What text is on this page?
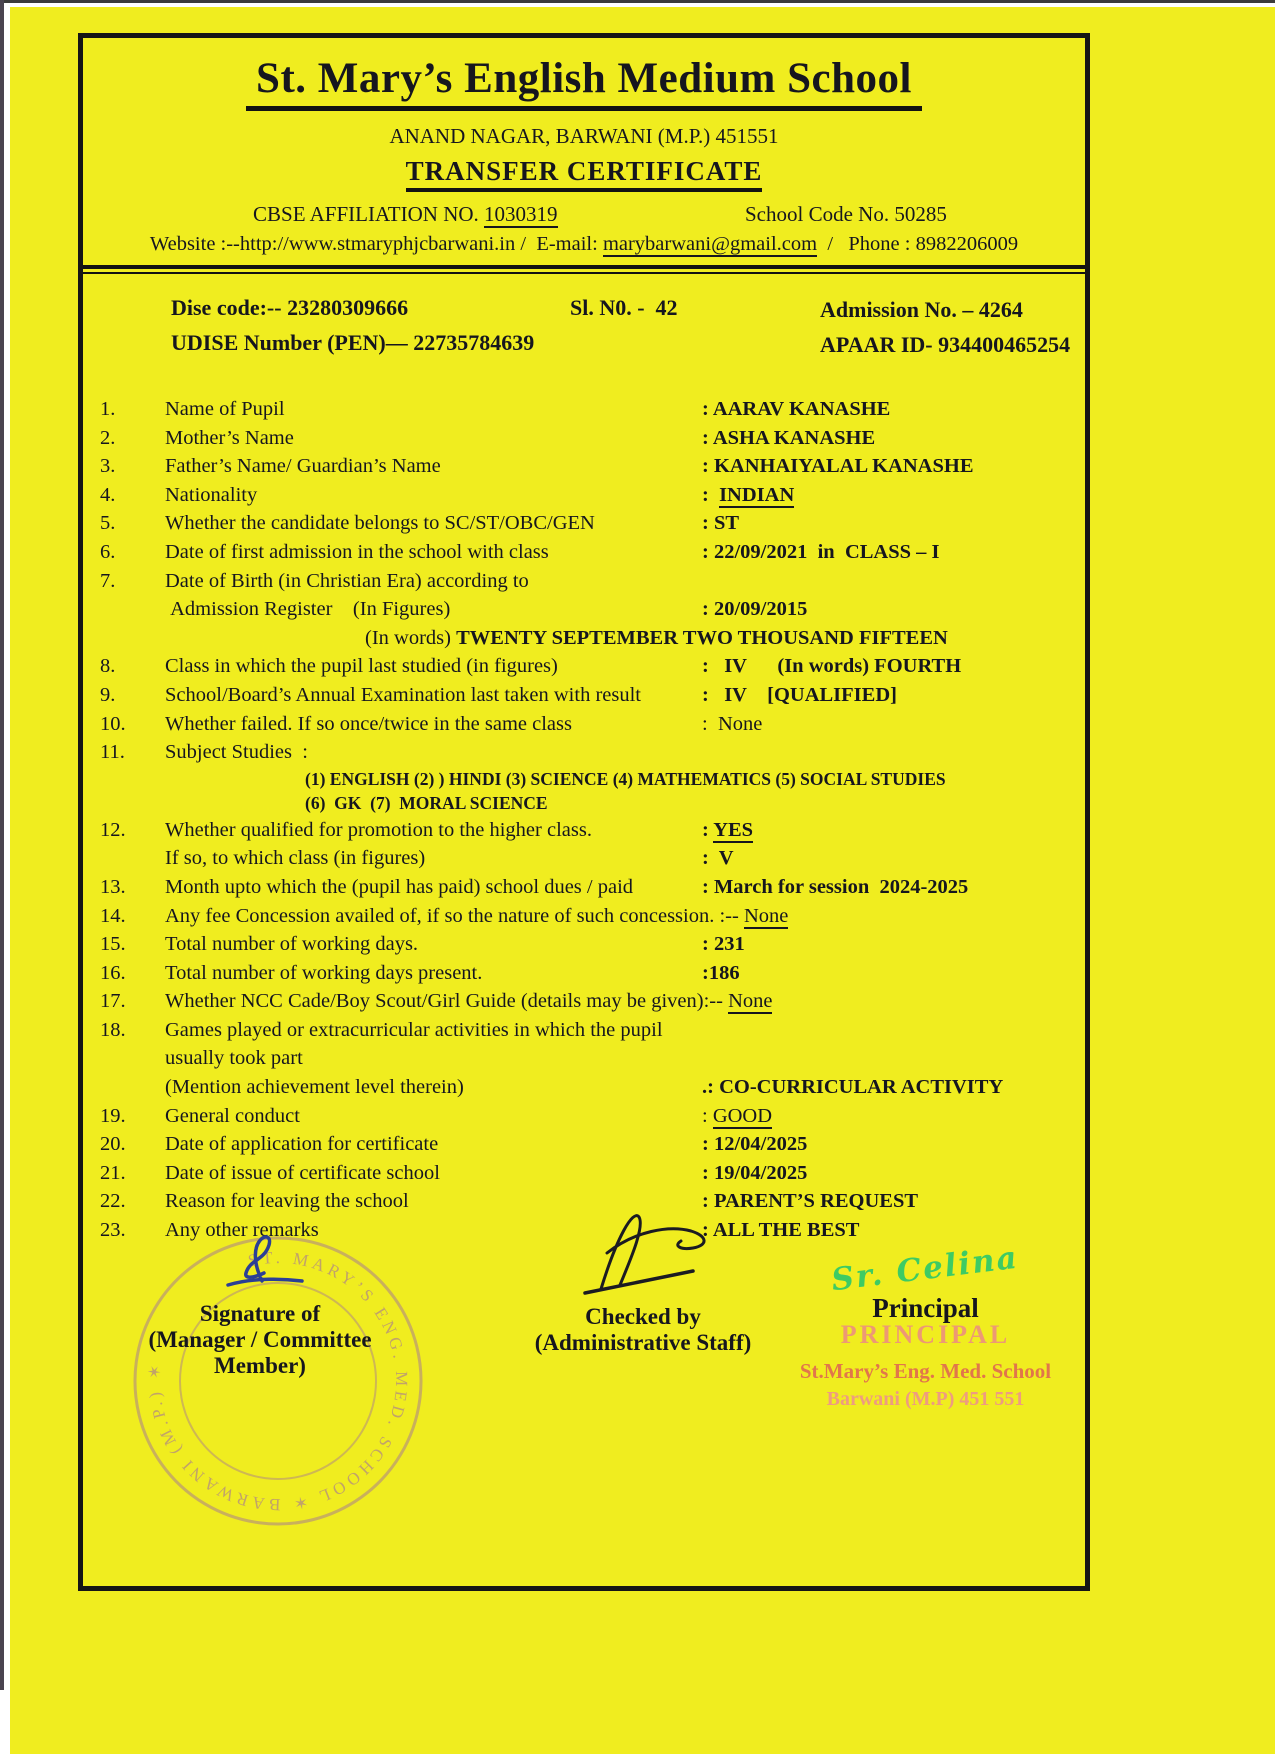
St. Mary’s English Medium School
ANAND NAGAR, BARWANI (M.P.) 451551
TRANSFER CERTIFICATE
CBSE AFFILIATION NO. 1030319	School Code No. 50285
Website :--http://www.stmaryphjcbarwani.in /  E-mail: marybarwani@gmail.com  /   Phone : 8982206009
Dise code:-- 23280309666	Sl. N0. -  42	Admission No. – 4264
UDISE Number (PEN)— 22735784639	APAAR ID- 934400465254
1.	Name of Pupil	: AARAV KANASHE
2.	Mother’s Name	: ASHA KANASHE
3.	Father’s Name/ Guardian’s Name	: KANHAIYALAL KANASHE
4.	Nationality	:  INDIAN
5.	Whether the candidate belongs to SC/ST/OBC/GEN	: ST
6.	Date of first admission in the school with class	: 22/09/2021  in  CLASS – I
7.	Date of Birth (in Christian Era) according to
Admission Register    (In Figures)	: 20/09/2015
(In words) TWENTY SEPTEMBER TWO THOUSAND FIFTEEN
8.	Class in which the pupil last studied (in figures)	:   IV      (In words) FOURTH
9.	School/Board’s Annual Examination last taken with result	:   IV    [QUALIFIED]
10.	Whether failed. If so once/twice in the same class	:  None
11.	Subject Studies  :
(1) ENGLISH (2) ) HINDI (3) SCIENCE (4) MATHEMATICS (5) SOCIAL STUDIES
(6)  GK  (7)  MORAL SCIENCE
12.	Whether qualified for promotion to the higher class.	: YES
If so, to which class (in figures)	:  V
13.	Month upto which the (pupil has paid) school dues / paid	: March for session  2024-2025
14.	Any fee Concession availed of, if so the nature of such concession. :-- None
15.	Total number of working days.	: 231
16.	Total number of working days present.	:186
17.	Whether NCC Cade/Boy Scout/Girl Guide (details may be given):-- None
18.	Games played or extracurricular activities in which the pupil usually took part
(Mention achievement level therein)	.: CO-CURRICULAR ACTIVITY
19.	General conduct	: GOOD
20.	Date of application for certificate	: 12/04/2025
21.	Date of issue of certificate school	: 19/04/2025
22.	Reason for leaving the school	: PARENT’S REQUEST
23.	Any other remarks	: ALL THE BEST
ST. MARY’S ENG. MED. SCHOOL ✶ BARWANI (M.P.) ✶
Signature of
(Manager / Committee Member)
Checked by
(Administrative Staff)
Sr. Celina
Principal
PRINCIPAL
St.Mary’s Eng. Med. School
Barwani (M.P) 451 551
